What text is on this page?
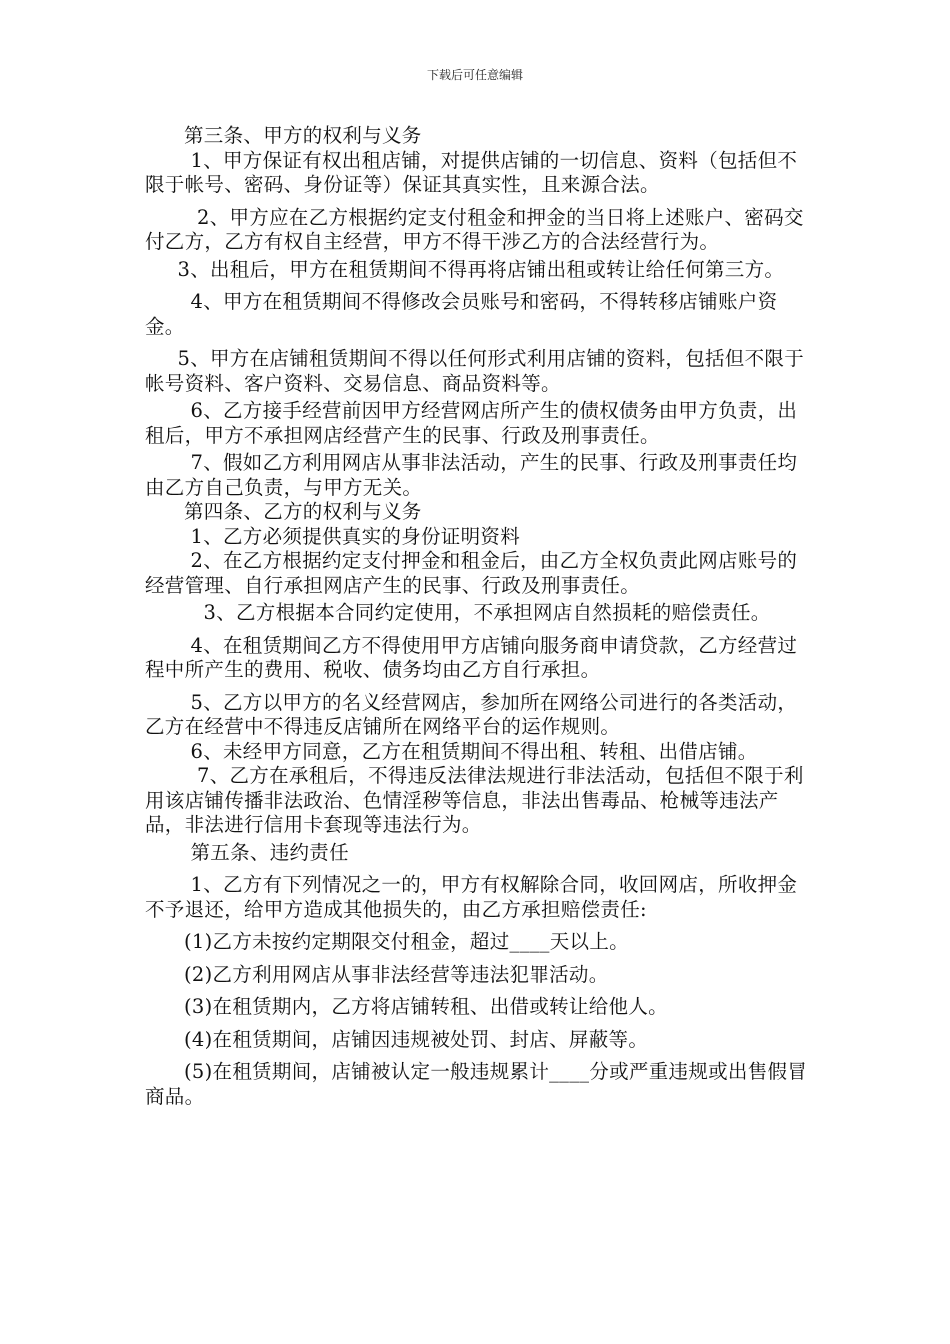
下载后可任意编辑

第三条、甲方的权利与义务

1、甲方保证有权出租店铺，对提供店铺的一切信息、资料（包括但不限于帐号、密码、身份证等）保证其真实性，且来源合法。

2、甲方应在乙方根据约定支付租金和押金的当日将上述账户、密码交付乙方，乙方有权自主经营，甲方不得干涉乙方的合法经营行为。

3、出租后，甲方在租赁期间不得再将店铺出租或转让给任何第三方。

4、甲方在租赁期间不得修改会员账号和密码，不得转移店铺账户资金。

5、甲方在店铺租赁期间不得以任何形式利用店铺的资料，包括但不限于帐号资料、客户资料、交易信息、商品资料等。

6、乙方接手经营前因甲方经营网店所产生的债权债务由甲方负责，出租后，甲方不承担网店经营产生的民事、行政及刑事责任。

7、假如乙方利用网店从事非法活动，产生的民事、行政及刑事责任均由乙方自己负责，与甲方无关。

第四条、乙方的权利与义务

1、乙方必须提供真实的身份证明资料

2、在乙方根据约定支付押金和租金后，由乙方全权负责此网店账号的经营管理、自行承担网店产生的民事、行政及刑事责任。

3、乙方根据本合同约定使用，不承担网店自然损耗的赔偿责任。

4、在租赁期间乙方不得使用甲方店铺向服务商申请贷款，乙方经营过程中所产生的费用、税收、债务均由乙方自行承担。

5、乙方以甲方的名义经营网店，参加所在网络公司进行的各类活动，乙方在经营中不得违反店铺所在网络平台的运作规则。

6、未经甲方同意，乙方在租赁期间不得出租、转租、出借店铺。

7、乙方在承租后，不得违反法律法规进行非法活动，包括但不限于利用该店铺传播非法政治、色情淫秽等信息，非法出售毒品、枪械等违法产品，非法进行信用卡套现等违法行为。

第五条、违约责任

1、乙方有下列情况之一的，甲方有权解除合同，收回网店，所收押金不予退还，给甲方造成其他损失的，由乙方承担赔偿责任:

(1)乙方未按约定期限交付租金，超过____天以上。

(2)乙方利用网店从事非法经营等违法犯罪活动。

(3)在租赁期内，乙方将店铺转租、出借或转让给他人。

(4)在租赁期间，店铺因违规被处罚、封店、屏蔽等。

(5)在租赁期间，店铺被认定一般违规累计____分或严重违规或出售假冒商品。
